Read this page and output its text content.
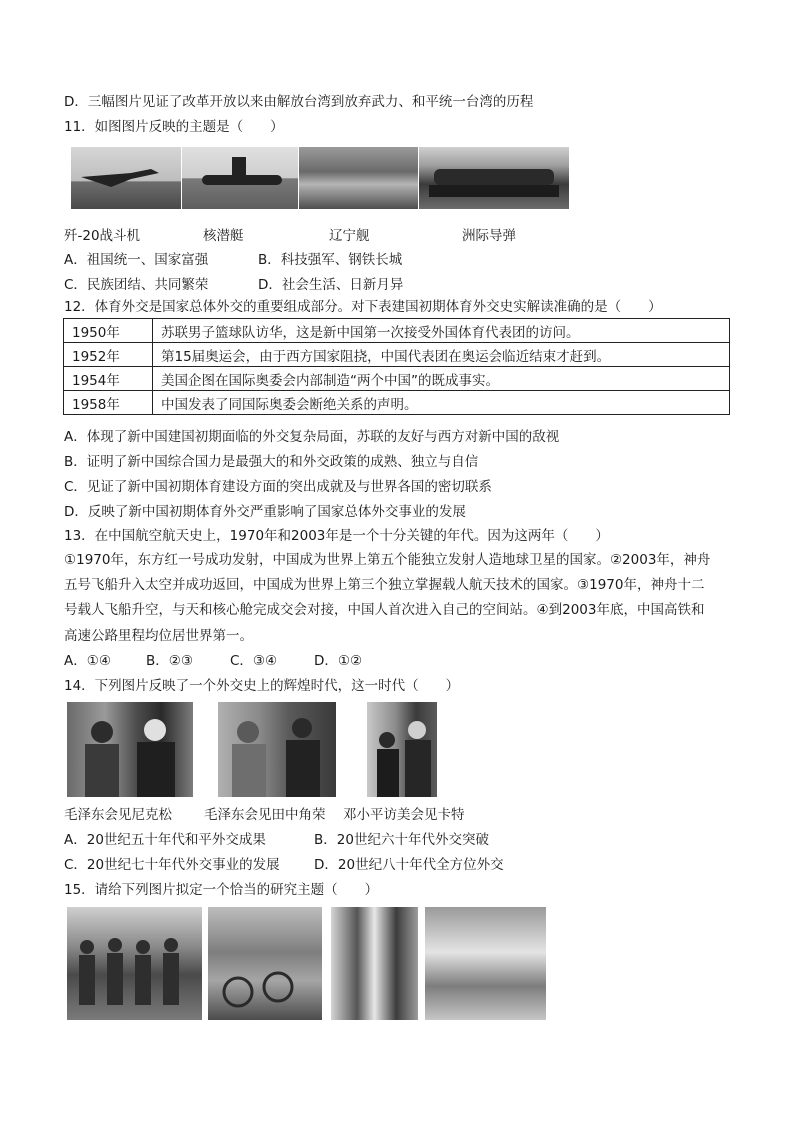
D．三幅图片见证了改革开放以来由解放台湾到放弃武力、和平统一台湾的历程
11．如图图片反映的主题是（　　）
歼-20战斗机	核潜艇	辽宁舰	洲际导弹
A．祖国统一、国家富强	B．科技强军、钢铁长城
C．民族团结、共同繁荣	D．社会生活、日新月异
12．体育外交是国家总体外交的重要组成部分。对下表建国初期体育外交史实解读准确的是（　　）
1950年	苏联男子篮球队访华，这是新中国第一次接受外国体育代表团的访问。
1952年	第15届奥运会，由于西方国家阻挠，中国代表团在奥运会临近结束才赶到。
1954年	美国企图在国际奥委会内部制造“两个中国”的既成事实。
1958年	中国发表了同国际奥委会断绝关系的声明。
A．体现了新中国建国初期面临的外交复杂局面，苏联的友好与西方对新中国的敌视
B．证明了新中国综合国力是最强大的和外交政策的成熟、独立与自信
C．见证了新中国初期体育建设方面的突出成就及与世界各国的密切联系
D．反映了新中国初期体育外交严重影响了国家总体外交事业的发展
13．在中国航空航天史上，1970年和2003年是一个十分关键的年代。因为这两年（　　）
①1970年，东方红一号成功发射，中国成为世界上第五个能独立发射人造地球卫星的国家。②2003年，神舟
五号飞船升入太空并成功返回，中国成为世界上第三个独立掌握载人航天技术的国家。③1970年，神舟十二
号载人飞船升空，与天和核心舱完成交会对接，中国人首次进入自己的空间站。④到2003年底，中国高铁和
高速公路里程均位居世界第一。
A．①④	B．②③	C．③④	D．①②
14．下列图片反映了一个外交史上的辉煌时代，这一时代（　　）
毛泽东会见尼克松 毛泽东会见田中角荣 邓小平访美会见卡特
A．20世纪五十年代和平外交成果	B．20世纪六十年代外交突破
C．20世纪七十年代外交事业的发展	D．20世纪八十年代全方位外交
15．请给下列图片拟定一个恰当的研究主题（　　）
